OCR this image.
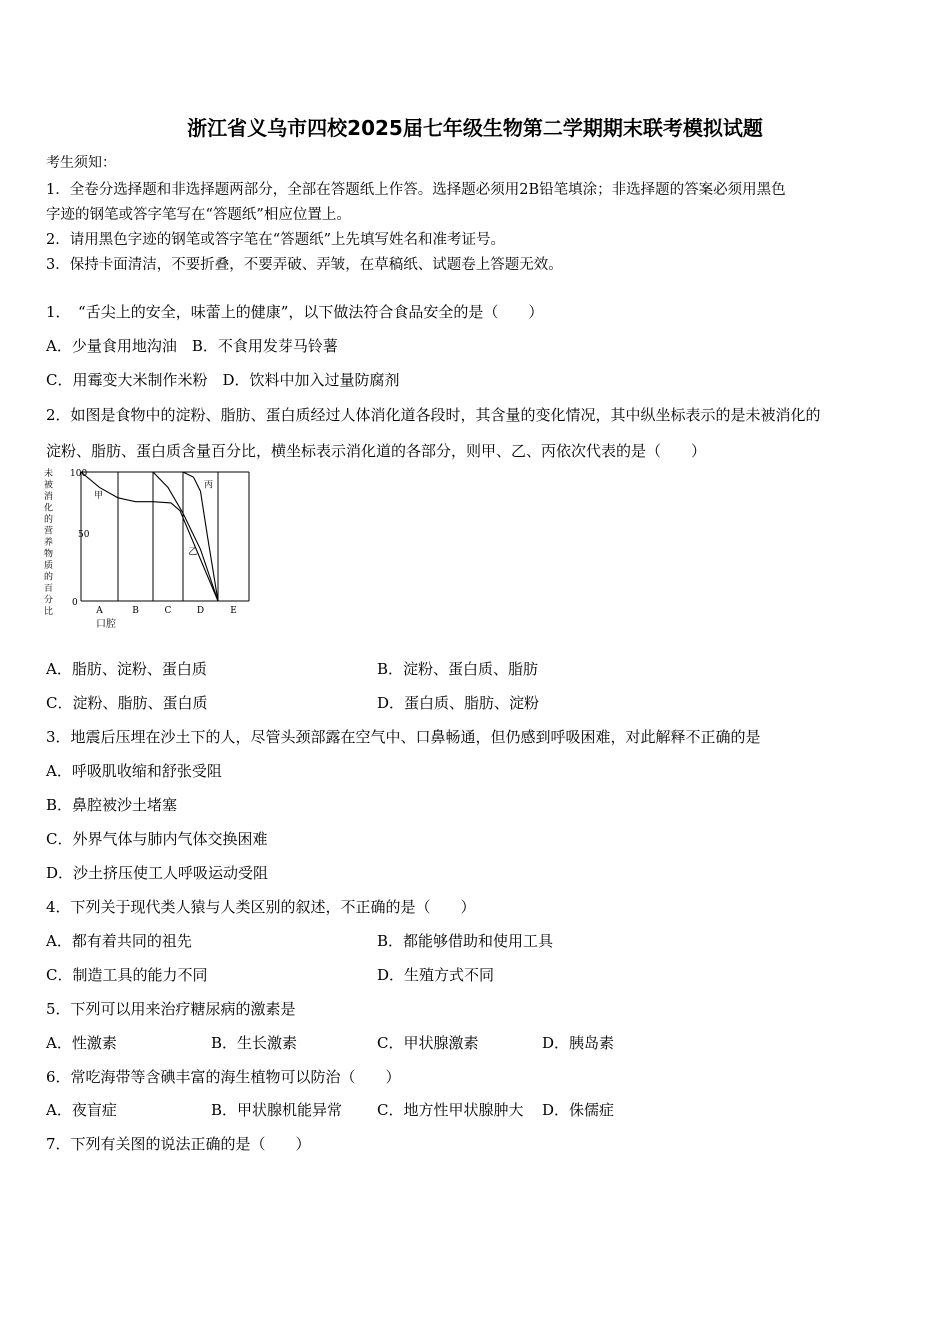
浙江省义乌市四校2025届七年级生物第二学期期末联考模拟试题
考生须知：
1．全卷分选择题和非选择题两部分，全部在答题纸上作答。选择题必须用2B铅笔填涂；非选择题的答案必须用黑色
字迹的钢笔或答字笔写在“答题纸”相应位置上。
2．请用黑色字迹的钢笔或答字笔在“答题纸”上先填写姓名和准考证号。
3．保持卡面清洁，不要折叠，不要弄破、弄皱，在草稿纸、试题卷上答题无效。
1．　“舌尖上的安全，味蕾上的健康”，以下做法符合食品安全的是（　　）
A．少量食用地沟油　B．不食用发芽马铃薯
C．用霉变大米制作米粉　D．饮料中加入过量防腐剂
2．如图是食物中的淀粉、脂肪、蛋白质经过人体消化道各段时，其含量的变化情况，其中纵坐标表示的是未被消化的
淀粉、脂肪、蛋白质含量百分比，横坐标表示消化道的各部分，则甲、乙、丙依次代表的是（　　）
未
被
消
化
的
营
养
物
质
的
百
分
比
100
50
0
A	B	C	D	E
口腔
甲
乙
丙
A．脂肪、淀粉、蛋白质	B．淀粉、蛋白质、脂肪
C．淀粉、脂肪、蛋白质	D．蛋白质、脂肪、淀粉
3．地震后压埋在沙土下的人，尽管头颈部露在空气中、口鼻畅通，但仍感到呼吸困难，对此解释不正确的是
A．呼吸肌收缩和舒张受阻
B．鼻腔被沙土堵塞
C．外界气体与肺内气体交换困难
D．沙土挤压使工人呼吸运动受阻
4．下列关于现代类人猿与人类区别的叙述，不正确的是（　　）
A．都有着共同的祖先	B．都能够借助和使用工具
C．制造工具的能力不同	D．生殖方式不同
5．下列可以用来治疗糖尿病的激素是
A．性激素	B．生长激素	C．甲状腺激素	D．胰岛素
6．常吃海带等含碘丰富的海生植物可以防治（　　）
A．夜盲症	B．甲状腺机能异常 C．地方性甲状腺肿大 D．侏儒症
7．下列有关图的说法正确的是（　　）
